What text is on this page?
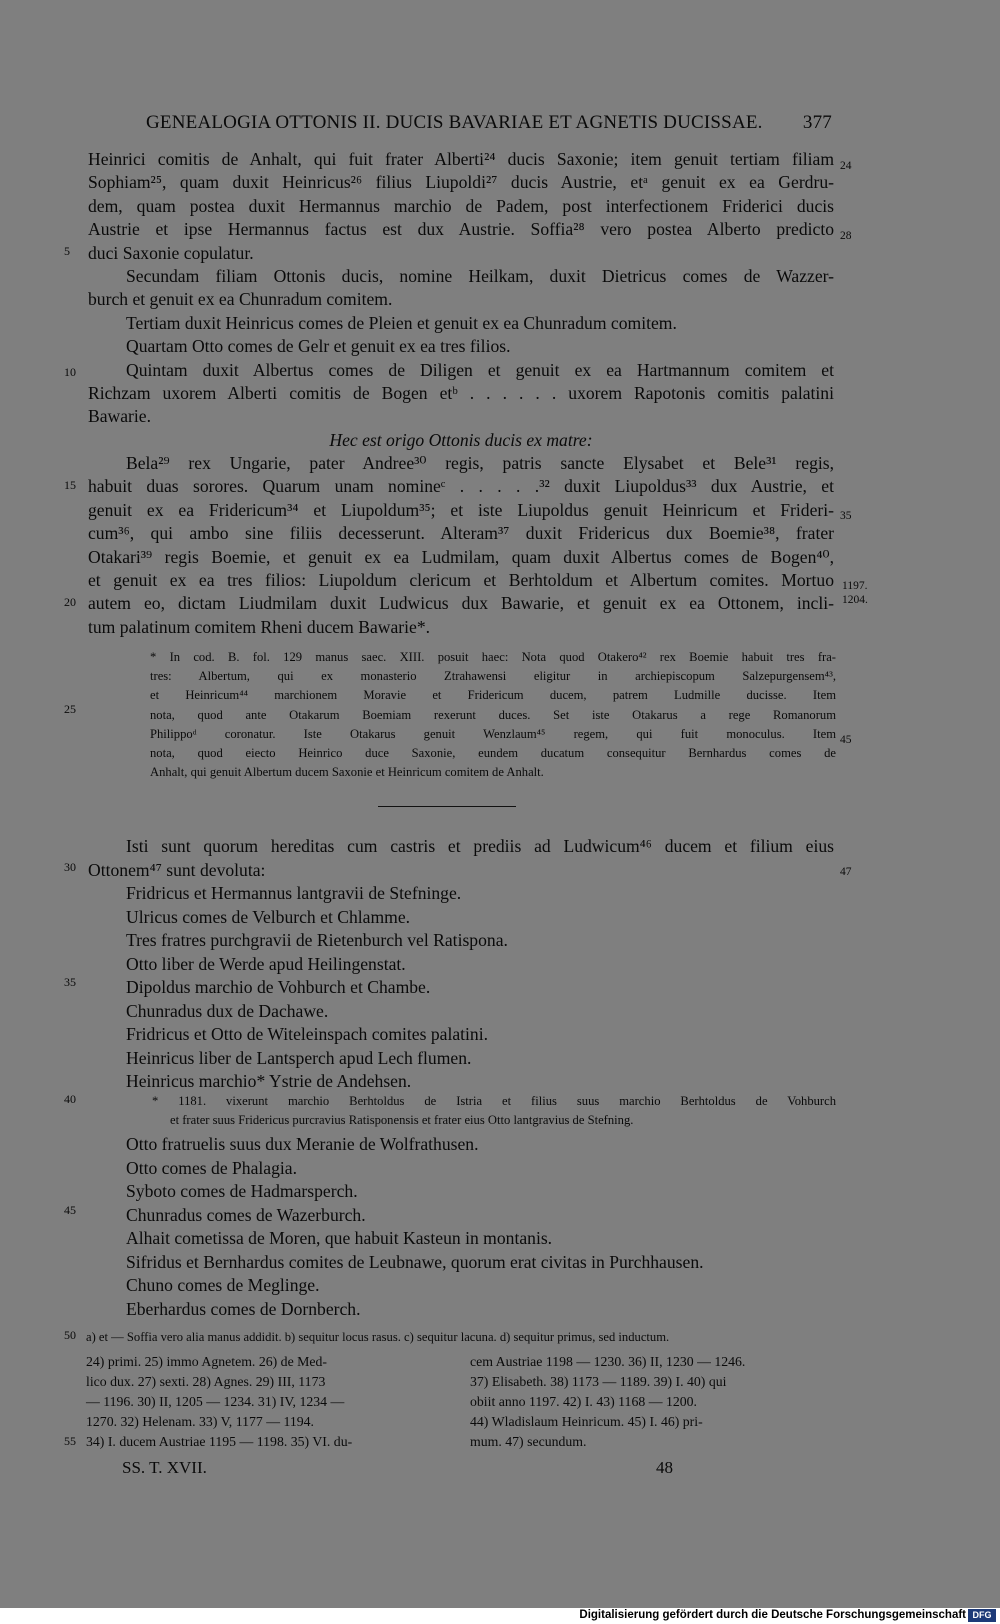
GENEALOGIA OTTONIS II. DUCIS BAVARIAE ET AGNETIS DUCISSAE. 377
Heinrici comitis de Anhalt, qui fuit frater Alberti²⁴ ducis Saxonie; item genuit tertiam filiam
Sophiam²⁵, quam duxit Heinricus²⁶ filius Liupoldi²⁷ ducis Austrie, etᵃ genuit ex ea Gerdru-
dem, quam postea duxit Hermannus marchio de Padem, post interfectionem Friderici ducis
Austrie et ipse Hermannus factus est dux Austrie. Soffia²⁸ vero postea Alberto predicto
duci Saxonie copulatur.
Secundam filiam Ottonis ducis, nomine Heilkam, duxit Dietricus comes de Wazzer-
burch et genuit ex ea Chunradum comitem.
Tertiam duxit Heinricus comes de Pleien et genuit ex ea Chunradum comitem.
Quartam Otto comes de Gelr et genuit ex ea tres filios.
Quintam duxit Albertus comes de Diligen et genuit ex ea Hartmannum comitem et
Richzam uxorem Alberti comitis de Bogen etᵇ . . . . . . uxorem Rapotonis comitis palatini
Bawarie.
Hec est origo Ottonis ducis ex matre:
Bela²⁹ rex Ungarie, pater Andree³⁰ regis, patris sancte Elysabet et Bele³¹ regis,
habuit duas sorores. Quarum unam nomineᶜ . . . . .³² duxit Liupoldus³³ dux Austrie, et
genuit ex ea Fridericum³⁴ et Liupoldum³⁵; et iste Liupoldus genuit Heinricum et Frideri-
cum³⁶, qui ambo sine filiis decesserunt. Alteram³⁷ duxit Fridericus dux Boemie³⁸, frater
Otakari³⁹ regis Boemie, et genuit ex ea Ludmilam, quam duxit Albertus comes de Bogen⁴⁰,
et genuit ex ea tres filios: Liupoldum clericum et Berhtoldum et Albertum comites. Mortuo
autem eo, dictam Liudmilam duxit Ludwicus dux Bawarie, et genuit ex ea Ottonem, incli-
tum palatinum comitem Rheni ducem Bawarie*.
* In cod. B. fol. 129 manus saec. XIII. posuit haec: Nota quod Otakero⁴² rex Boemie habuit tres fra-
tres: Albertum, qui ex monasterio Ztrahawensi eligitur in archiepiscopum Salzepurgensem⁴³,
et Heinricum⁴⁴ marchionem Moravie et Fridericum ducem, patrem Ludmille ducisse. Item
nota, quod ante Otakarum Boemiam rexerunt duces. Set iste Otakarus a rege Romanorum
Philippoᵈ coronatur. Iste Otakarus genuit Wenzlaum⁴⁵ regem, qui fuit monoculus. Item
nota, quod eiecto Heinrico duce Saxonie, eundem ducatum consequitur Bernhardus comes de
Anhalt, qui genuit Albertum ducem Saxonie et Heinricum comitem de Anhalt.
Isti sunt quorum hereditas cum castris et prediis ad Ludwicum⁴⁶ ducem et filium eius
Ottonem⁴⁷ sunt devoluta:
Fridricus et Hermannus lantgravii de Stefninge.
Ulricus comes de Velburch et Chlamme.
Tres fratres purchgravii de Rietenburch vel Ratispona.
Otto liber de Werde apud Heilingenstat.
Dipoldus marchio de Vohburch et Chambe.
Chunradus dux de Dachawe.
Fridricus et Otto de Witeleinspach comites palatini.
Heinricus liber de Lantsperch apud Lech flumen.
Heinricus marchio* Ystrie de Andehsen.
* 1181. vixerunt marchio Berhtoldus de Istria et filius suus marchio Berhtoldus de Vohburch
et frater suus Fridericus purcravius Ratisponensis et frater eius Otto lantgravius de Stefning.
Otto fratruelis suus dux Meranie de Wolfrathusen.
Otto comes de Phalagia.
Syboto comes de Hadmarsperch.
Chunradus comes de Wazerburch.
Alhait cometissa de Moren, que habuit Kasteun in montanis.
Sifridus et Bernhardus comites de Leubnawe, quorum erat civitas in Purchhausen.
Chuno comes de Meglinge.
Eberhardus comes de Dornberch.
a) et — Soffia vero alia manus addidit. b) sequitur locus rasus. c) sequitur lacuna. d) sequitur primus, sed inductum.
24) primi. 25) immo Agnetem. 26) de Med-
lico dux. 27) sexti. 28) Agnes. 29) III, 1173
— 1196. 30) II, 1205 — 1234. 31) IV, 1234 —
1270. 32) Helenam. 33) V, 1177 — 1194.
34) I. ducem Austriae 1195 — 1198. 35) VI. du-
cem Austriae 1198 — 1230. 36) II, 1230 — 1246.
37) Elisabeth. 38) 1173 — 1189. 39) I. 40) qui
obiit anno 1197. 42) I. 43) 1168 — 1200.
44) Wladislaum Heinricum. 45) I. 46) pri-
mum. 47) secundum.
SS. T. XVII.	48
5
10
15
20
25
30
35
40
45
50
55
24
28
35
1197.
1204.
45
47
Digitalisierung gefördert durch die Deutsche Forschungsgemeinschaft DFG
